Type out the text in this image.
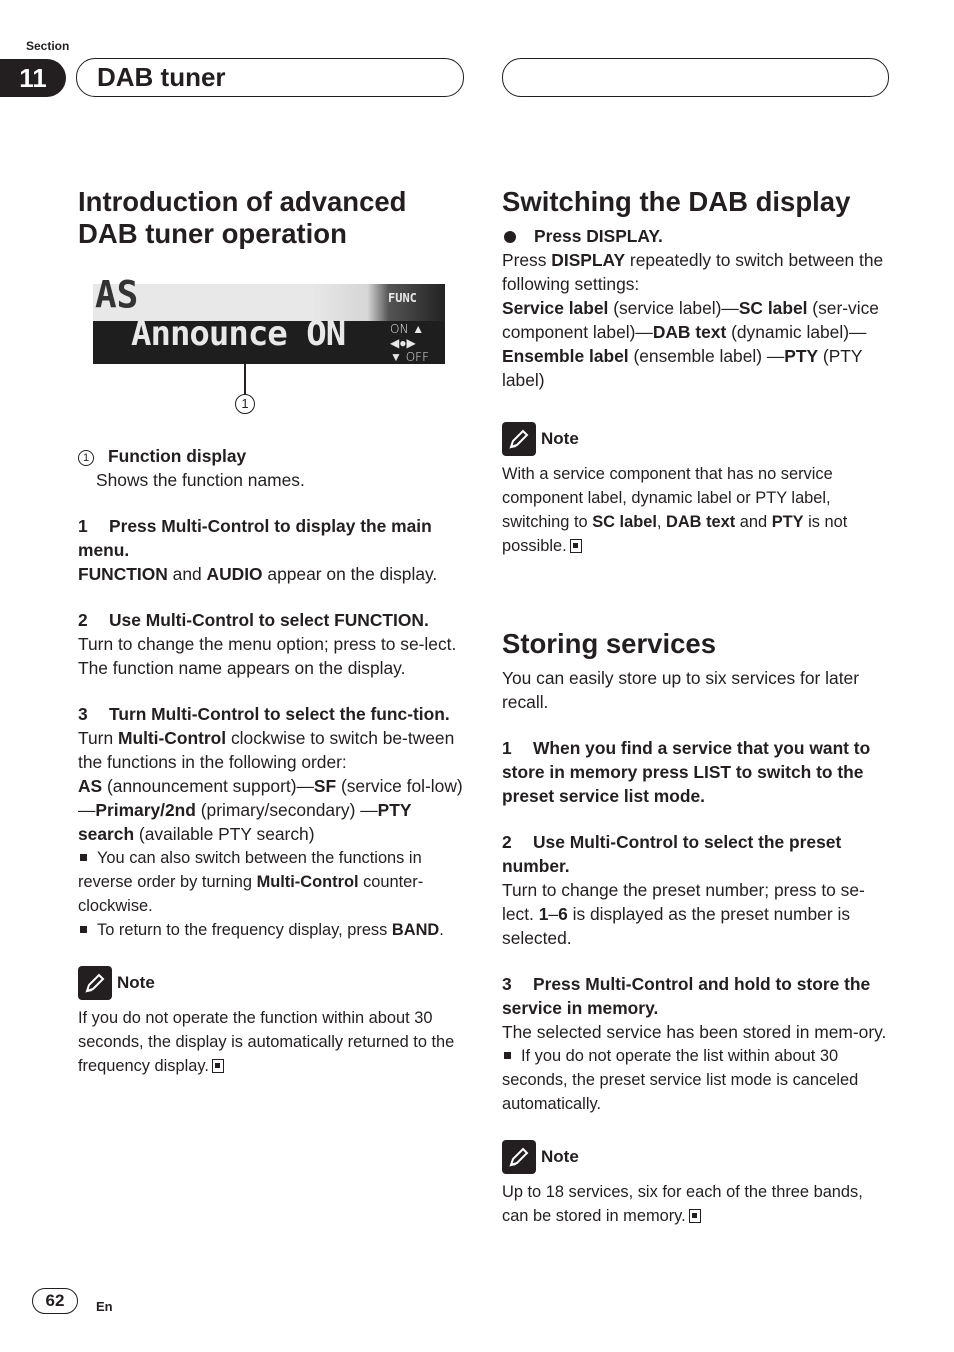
Section
11	DAB tuner
Introduction of advanced DAB tuner operation
AS
Announce ON
FUNC
ON ▲
◀●▶
▼ OFF
1
1 Function display
Shows the function names.
1 Press Multi-Control to display the main menu.
FUNCTION and AUDIO appear on the display.
2 Use Multi-Control to select FUNCTION.
Turn to change the menu option; press to se-lect.
The function name appears on the display.
3 Turn Multi-Control to select the func-tion.
Turn Multi-Control clockwise to switch be-tween the functions in the following order:
AS (announcement support)—SF (service fol-low)—Primary/2nd (primary/secondary) —PTY search (available PTY search)
You can also switch between the functions in reverse order by turning Multi-Control counter-clockwise.
To return to the frequency display, press BAND.
Note
If you do not operate the function within about 30 seconds, the display is automatically returned to the frequency display.
Switching the DAB display
Press DISPLAY.
Press DISPLAY repeatedly to switch between the following settings:
Service label (service label)—SC label (ser-vice component label)—DAB text (dynamic label)—Ensemble label (ensemble label) —PTY (PTY label)
Note
With a service component that has no service component label, dynamic label or PTY label, switching to SC label, DAB text and PTY is not possible.
Storing services
You can easily store up to six services for later recall.
1 When you find a service that you want to store in memory press LIST to switch to the preset service list mode.
2 Use Multi-Control to select the preset number.
Turn to change the preset number; press to se-lect. 1–6 is displayed as the preset number is selected.
3 Press Multi-Control and hold to store the service in memory.
The selected service has been stored in mem-ory.
If you do not operate the list within about 30 seconds, the preset service list mode is canceled automatically.
Note
Up to 18 services, six for each of the three bands, can be stored in memory.
62	En
